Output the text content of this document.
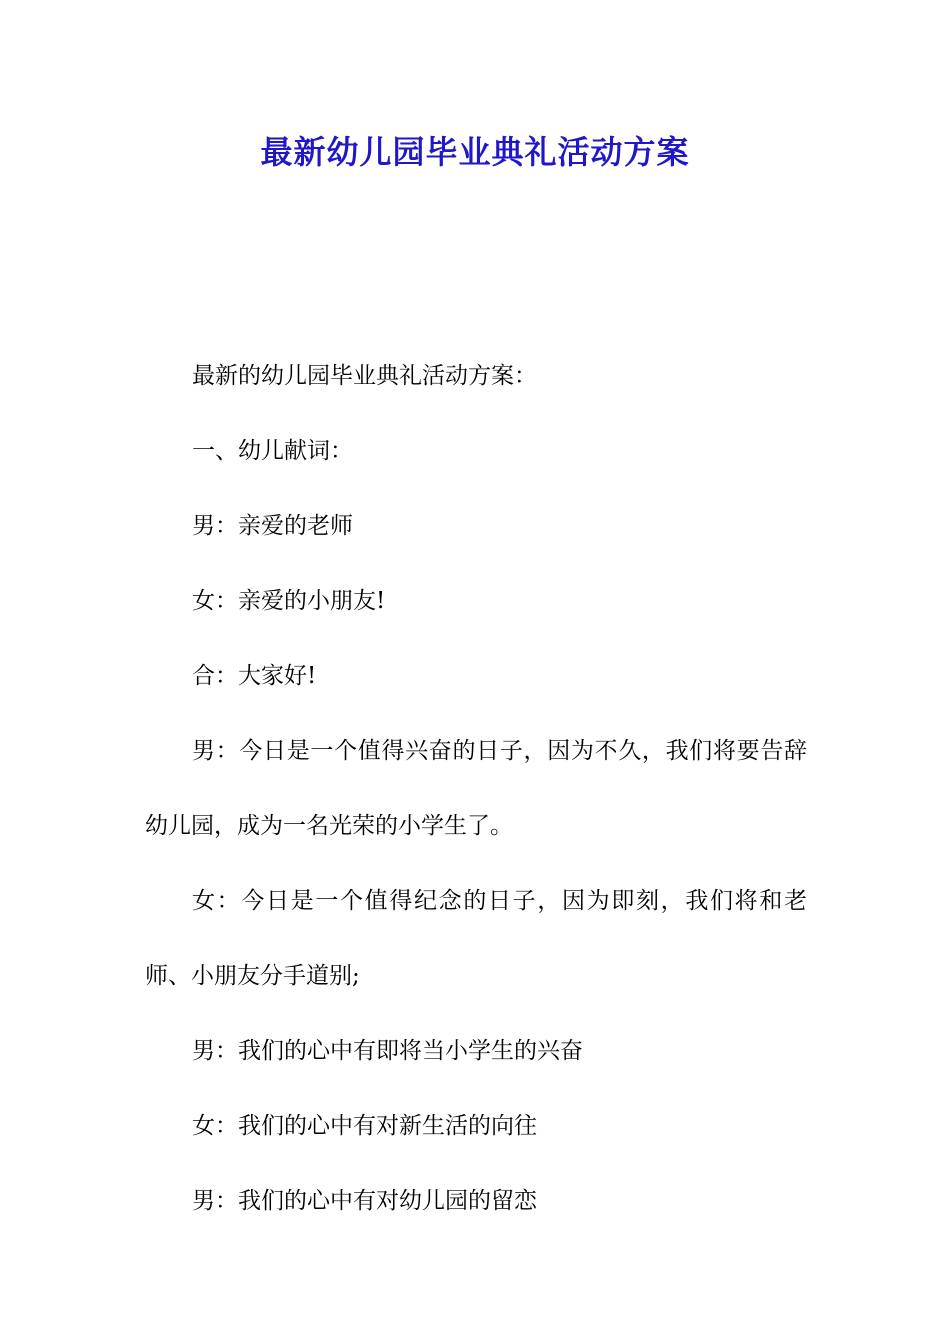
最新幼儿园毕业典礼活动方案

最新的幼儿园毕业典礼活动方案：

一、幼儿献词：

男：亲爱的老师

女：亲爱的小朋友!

合：大家好!

男：今日是一个值得兴奋的日子，因为不久，我们将要告辞幼儿园，成为一名光荣的小学生了。

女：今日是一个值得纪念的日子，因为即刻，我们将和老师、小朋友分手道别;

男：我们的心中有即将当小学生的兴奋

女：我们的心中有对新生活的向往

男：我们的心中有对幼儿园的留恋
